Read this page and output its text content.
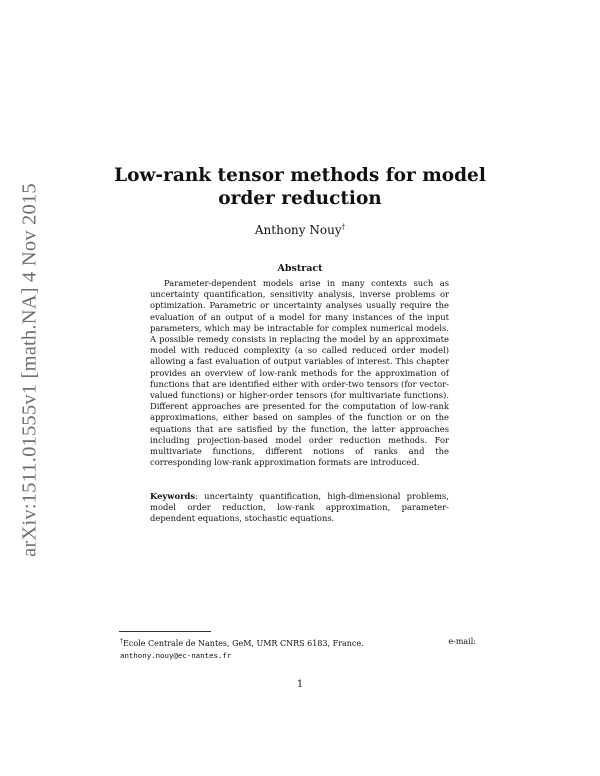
arXiv:1511.01555v1 [math.NA] 4 Nov 2015
Low-rank tensor methods for model order reduction
Anthony Nouy†
Abstract

Parameter-dependent models arise in many contexts such as uncertainty quantification, sensitivity analysis, inverse problems or optimization. Parametric or uncertainty analyses usually require the evaluation of an output of a model for many instances of the input parameters, which may be intractable for complex numerical models. A possible remedy consists in replacing the model by an approximate model with reduced complexity (a so called reduced order model) allowing a fast evaluation of output variables of interest. This chapter provides an overview of low-rank methods for the approximation of functions that are identified either with order-two tensors (for vector-valued functions) or higher-order tensors (for multivariate functions). Different approaches are presented for the computation of low-rank approximations, either based on samples of the function or on the equations that are satisfied by the function, the latter approaches including projection-based model order reduction methods. For multivariate functions, different notions of ranks and the corresponding low-rank approximation formats are introduced.

Keywords: uncertainty quantification, high-dimensional problems, model order reduction, low-rank approximation, parameter-dependent equations, stochastic equations.

†Ecole Centrale de Nantes, GeM, UMR CNRS 6183, France.	e-mail:
anthony.nouy@ec-nantes.fr
1
